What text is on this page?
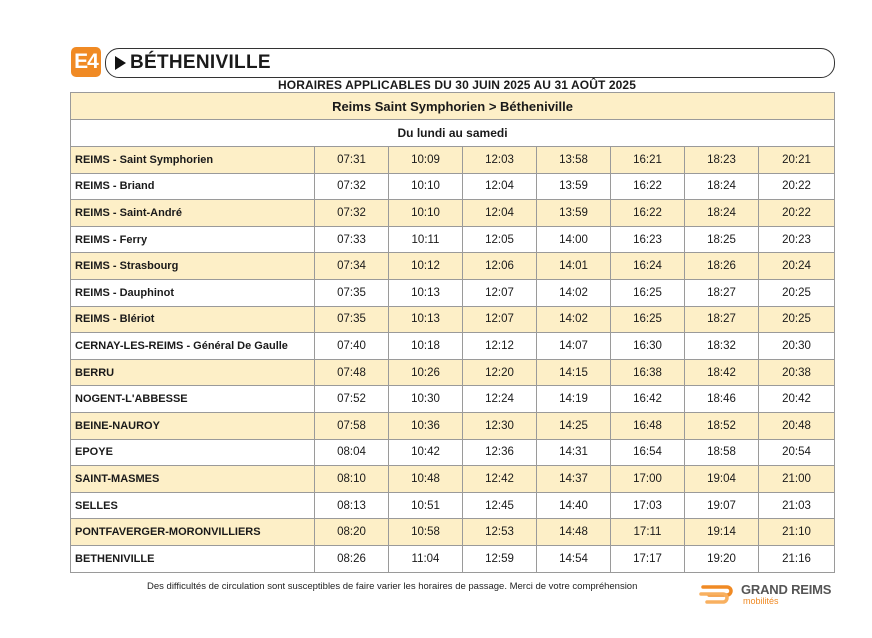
E4 BÉTHENIVILLE
HORAIRES APPLICABLES DU 30 JUIN 2025 AU 31 AOÛT 2025
Reims Saint Symphorien > Bétheniville							
Du lundi au samedi							
REIMS - Saint Symphorien	07:31	10:09	12:03	13:58	16:21	18:23	20:21
REIMS - Briand	07:32	10:10	12:04	13:59	16:22	18:24	20:22
REIMS - Saint-André	07:32	10:10	12:04	13:59	16:22	18:24	20:22
REIMS - Ferry	07:33	10:11	12:05	14:00	16:23	18:25	20:23
REIMS - Strasbourg	07:34	10:12	12:06	14:01	16:24	18:26	20:24
REIMS - Dauphinot	07:35	10:13	12:07	14:02	16:25	18:27	20:25
REIMS - Blériot	07:35	10:13	12:07	14:02	16:25	18:27	20:25
CERNAY-LES-REIMS - Général De Gaulle	07:40	10:18	12:12	14:07	16:30	18:32	20:30
BERRU	07:48	10:26	12:20	14:15	16:38	18:42	20:38
NOGENT-L'ABBESSE	07:52	10:30	12:24	14:19	16:42	18:46	20:42
BEINE-NAUROY	07:58	10:36	12:30	14:25	16:48	18:52	20:48
EPOYE	08:04	10:42	12:36	14:31	16:54	18:58	20:54
SAINT-MASMES	08:10	10:48	12:42	14:37	17:00	19:04	21:00
SELLES	08:13	10:51	12:45	14:40	17:03	19:07	21:03
PONTFAVERGER-MORONVILLIERS	08:20	10:58	12:53	14:48	17:11	19:14	21:10
BETHENIVILLE	08:26	11:04	12:59	14:54	17:17	19:20	21:16
Des difficultés de circulation sont susceptibles de faire varier les horaires de passage. Merci de votre compréhension	GRAND REIMS
mobilités
